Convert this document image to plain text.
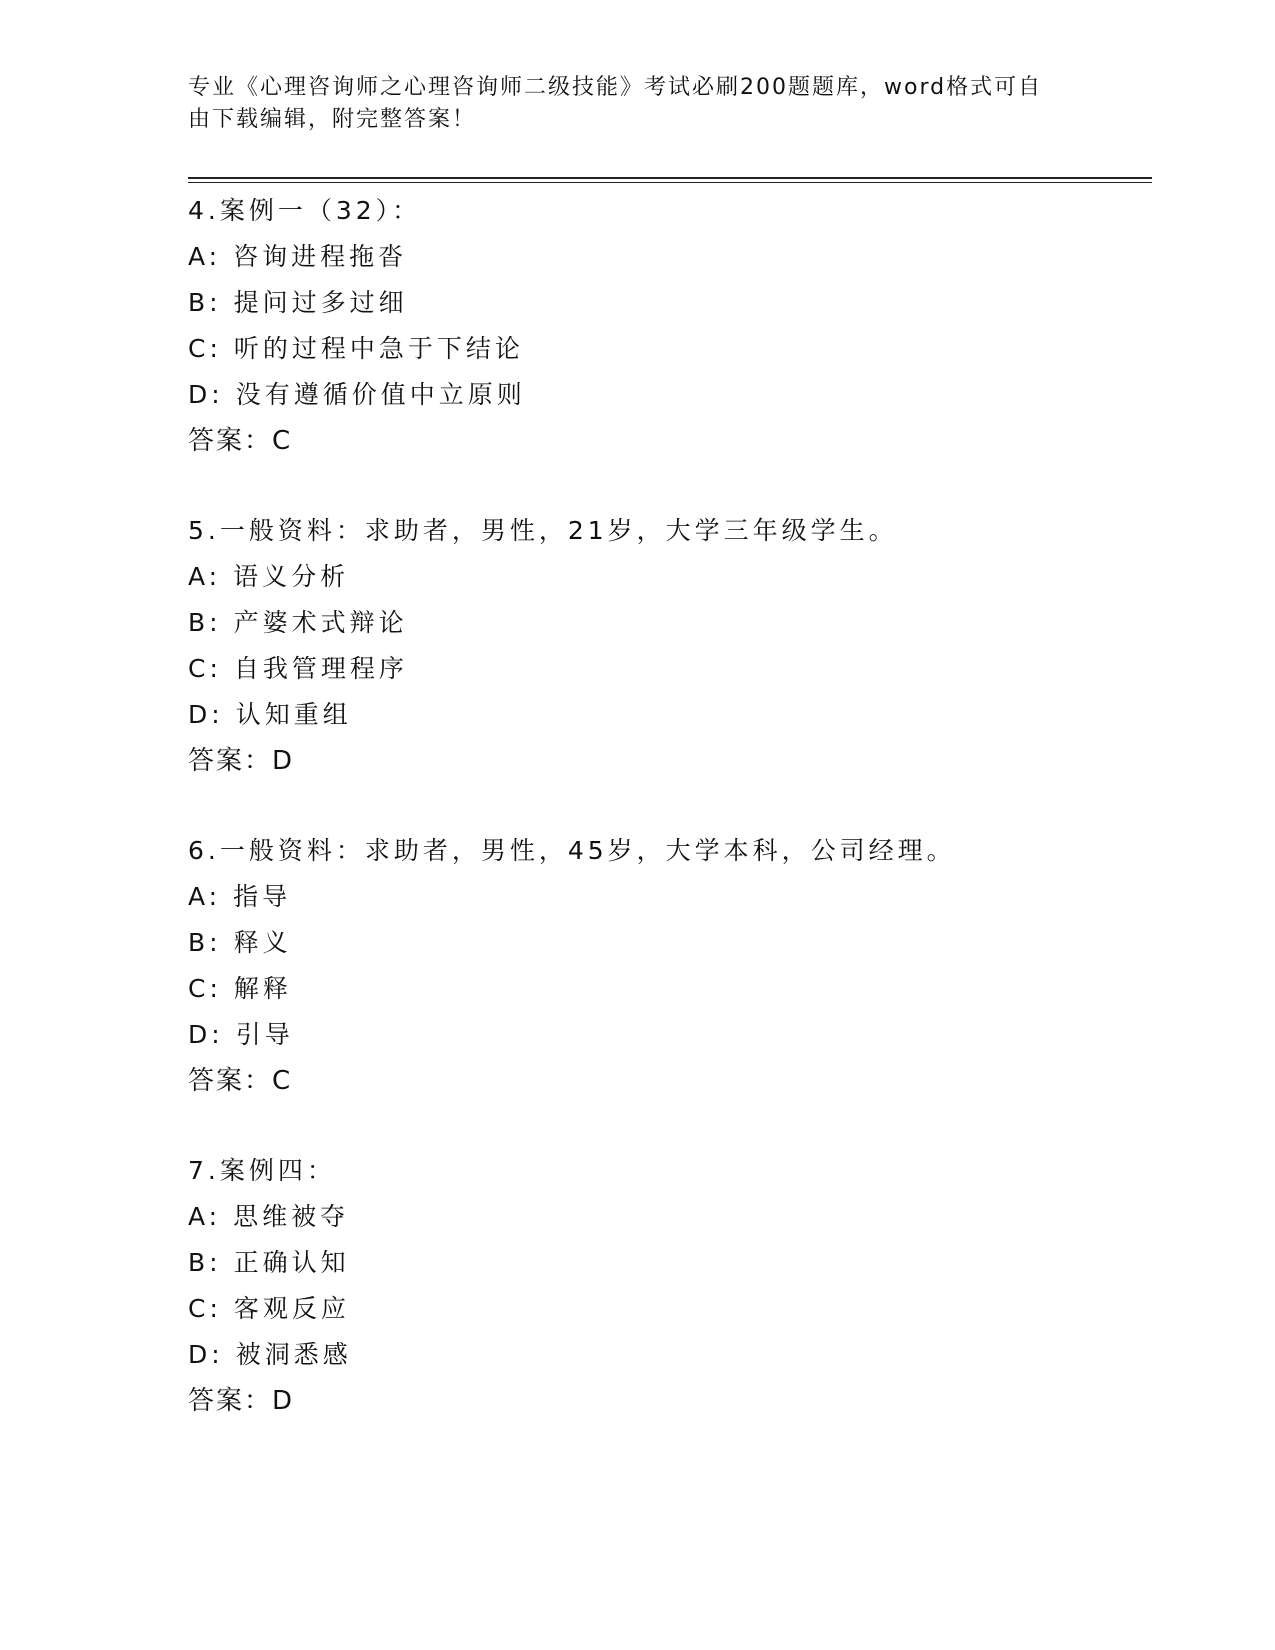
专业《心理咨询师之心理咨询师二级技能》考试必刷200题题库，word格式可自
由下载编辑，附完整答案！
4.案例一（32）：
A: 咨询进程拖沓
B: 提问过多过细
C: 听的过程中急于下结论
D: 没有遵循价值中立原则
答案：C
5.一般资料：求助者，男性，21岁，大学三年级学生。
A: 语义分析
B: 产婆术式辩论
C: 自我管理程序
D: 认知重组
答案：D
6.一般资料：求助者，男性，45岁，大学本科，公司经理。
A: 指导
B: 释义
C: 解释
D: 引导
答案：C
7.案例四：
A: 思维被夺
B: 正确认知
C: 客观反应
D: 被洞悉感
答案：D
